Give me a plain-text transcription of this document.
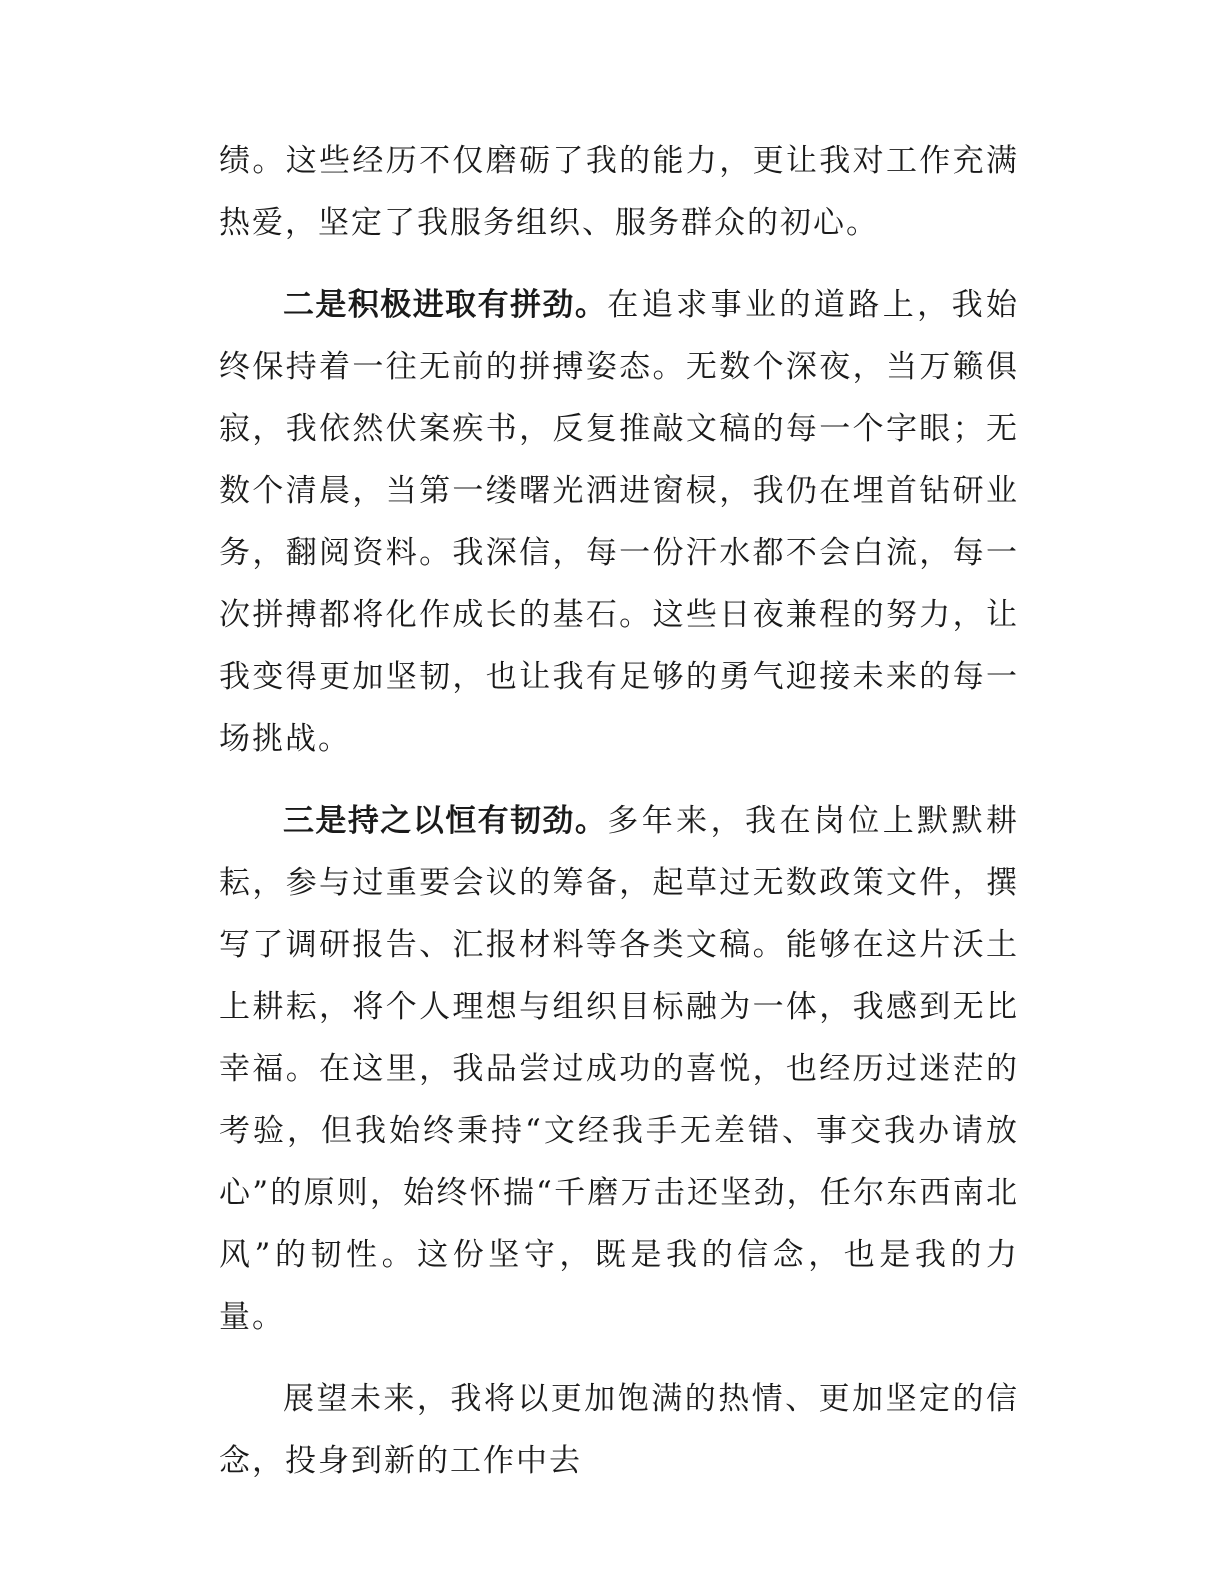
绩。这些经历不仅磨砺了我的能力，更让我对工作充满热爱，坚定了我服务组织、服务群众的初心。

二是积极进取有拼劲。在追求事业的道路上，我始终保持着一往无前的拼搏姿态。无数个深夜，当万籁俱寂，我依然伏案疾书，反复推敲文稿的每一个字眼；无数个清晨，当第一缕曙光洒进窗棂，我仍在埋首钻研业务，翻阅资料。我深信，每一份汗水都不会白流，每一次拼搏都将化作成长的基石。这些日夜兼程的努力，让我变得更加坚韧，也让我有足够的勇气迎接未来的每一场挑战。

三是持之以恒有韧劲。多年来，我在岗位上默默耕耘，参与过重要会议的筹备，起草过无数政策文件，撰写了调研报告、汇报材料等各类文稿。能够在这片沃土上耕耘，将个人理想与组织目标融为一体，我感到无比幸福。在这里，我品尝过成功的喜悦，也经历过迷茫的考验，但我始终秉持“文经我手无差错、事交我办请放心”的原则，始终怀揣“千磨万击还坚劲，任尔东西南北风”的韧性。这份坚守，既是我的信念，也是我的力量。

展望未来，我将以更加饱满的热情、更加坚定的信念，投身到新的工作中去
